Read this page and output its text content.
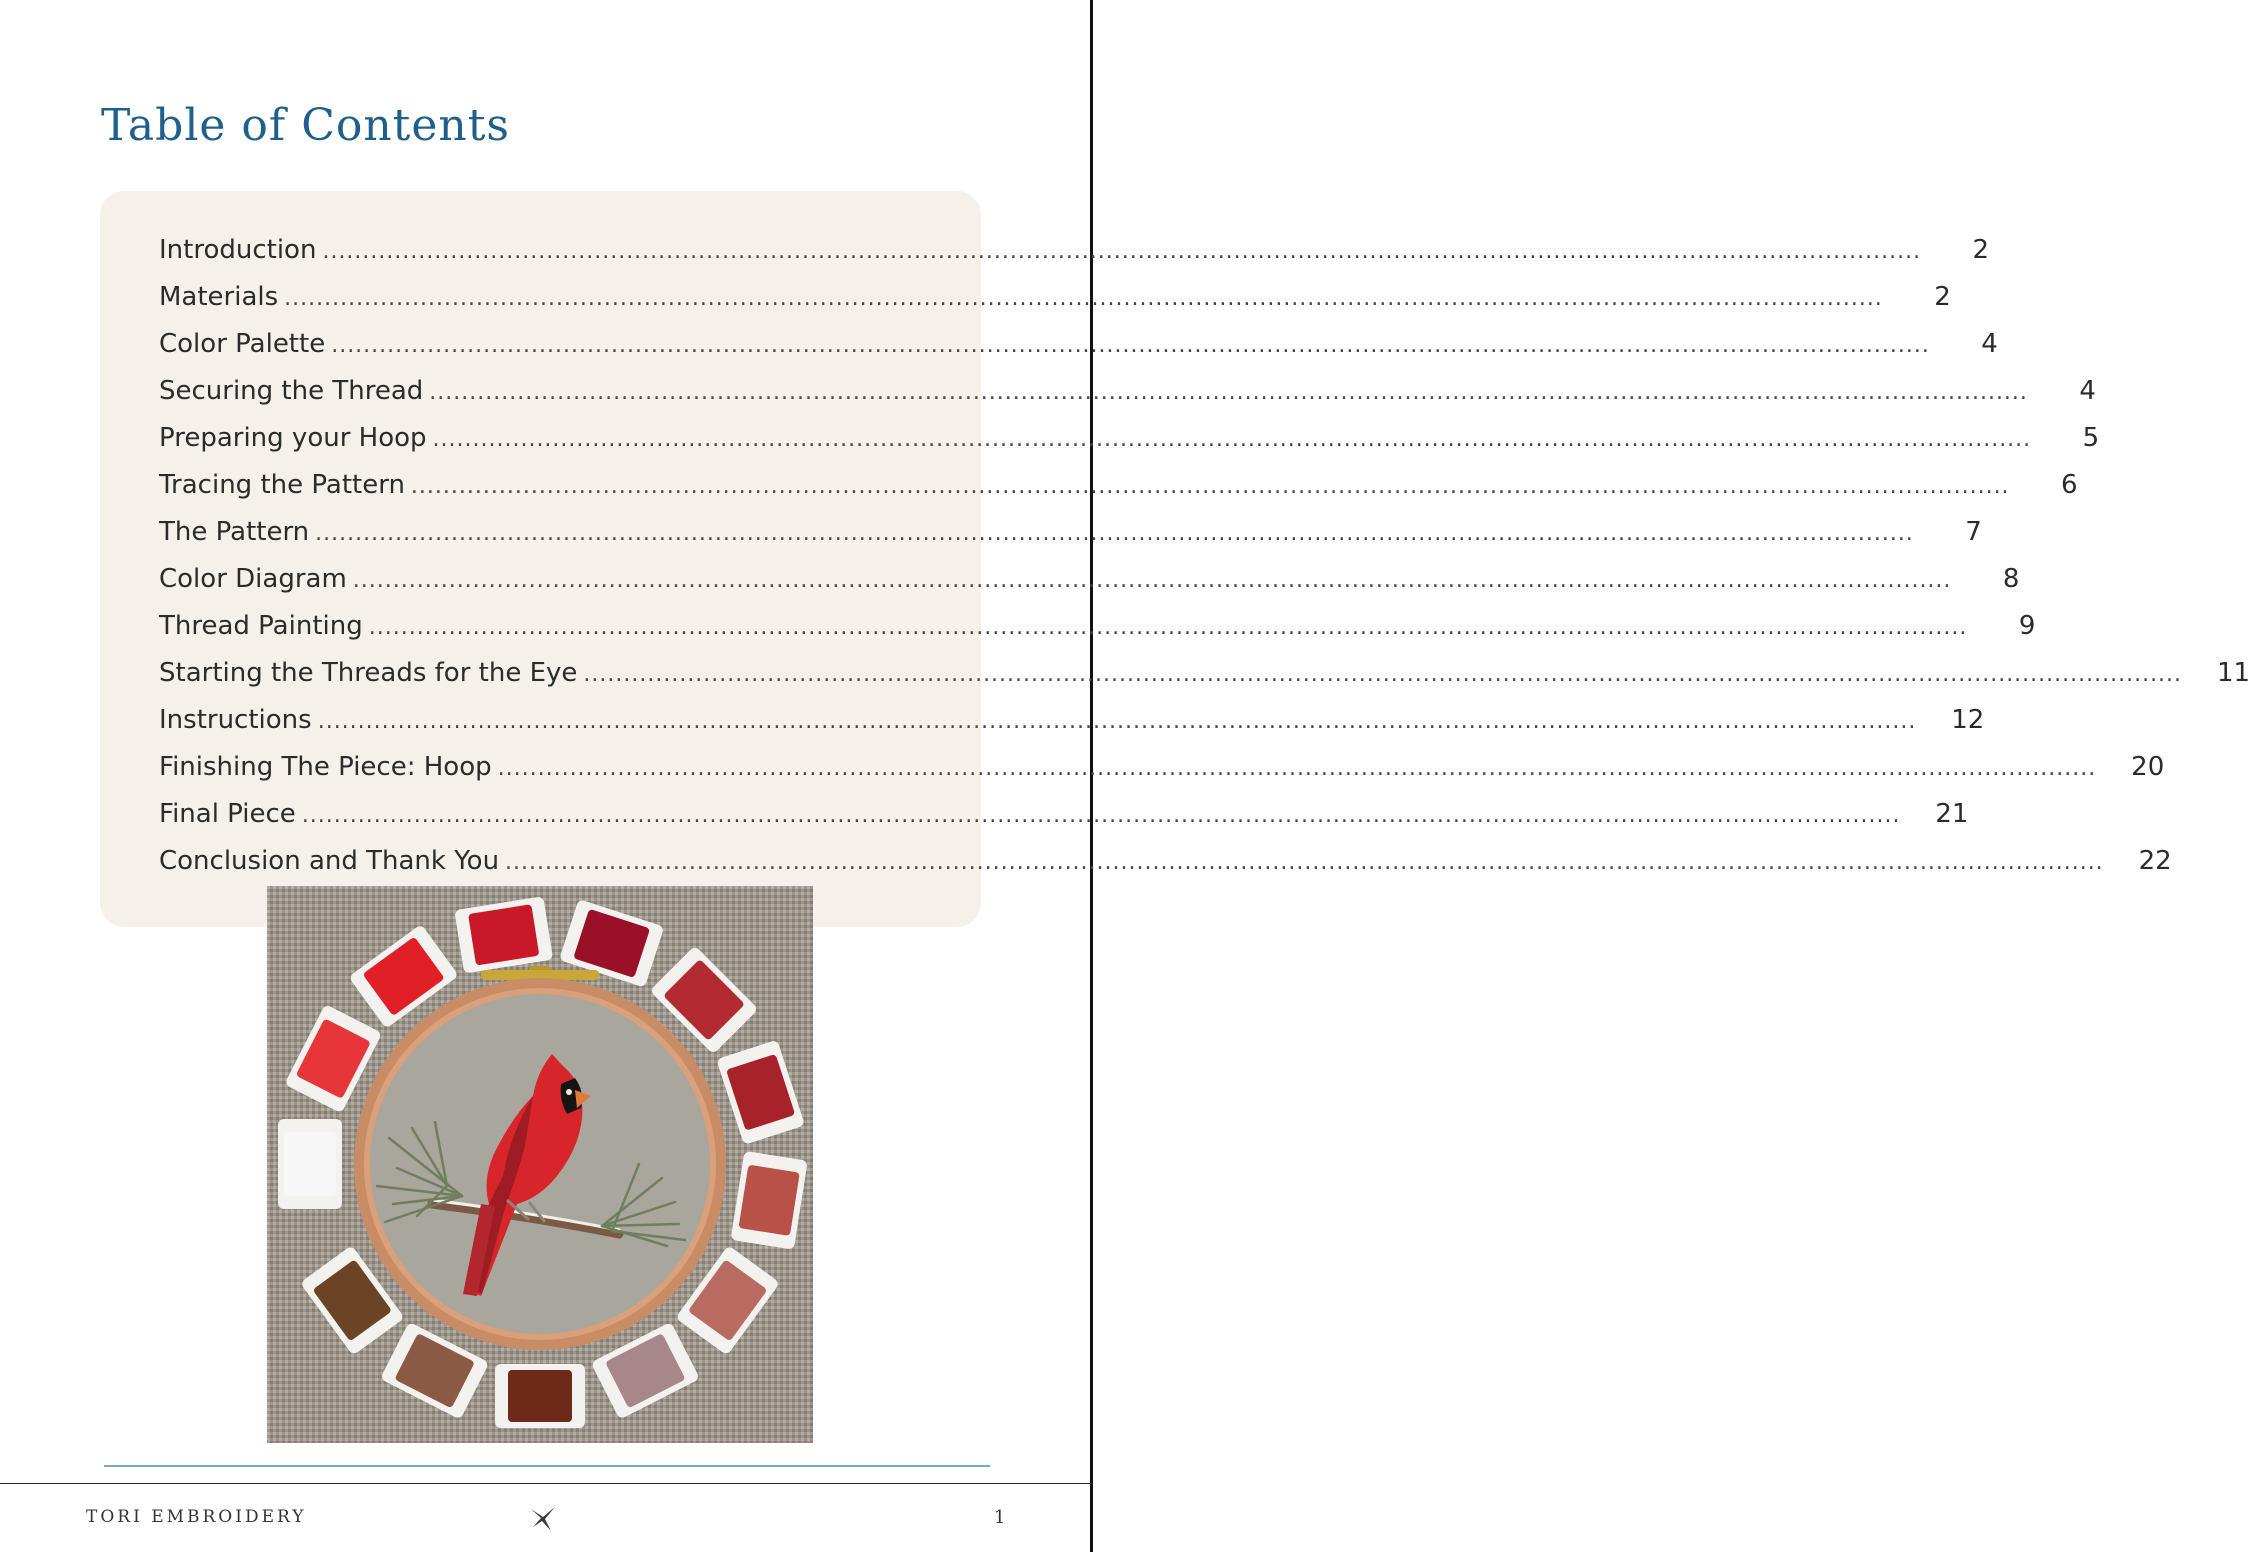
Table of Contents
Introduction ........................................................................................................................................................................................................	2
Materials ........................................................................................................................................................................................................	2
Color Palette ........................................................................................................................................................................................................	4
Securing the Thread ........................................................................................................................................................................................................	4
Preparing your Hoop ........................................................................................................................................................................................................	5
Tracing the Pattern ........................................................................................................................................................................................................	6
The Pattern ........................................................................................................................................................................................................	7
Color Diagram ........................................................................................................................................................................................................	8
Thread Painting ........................................................................................................................................................................................................	9
Starting the Threads for the Eye ........................................................................................................................................................................................................	11
Instructions ........................................................................................................................................................................................................	12
Finishing The Piece: Hoop ........................................................................................................................................................................................................	20
Final Piece ........................................................................................................................................................................................................	21
Conclusion and Thank You ........................................................................................................................................................................................................	22
TORI EMBROIDERY	1
